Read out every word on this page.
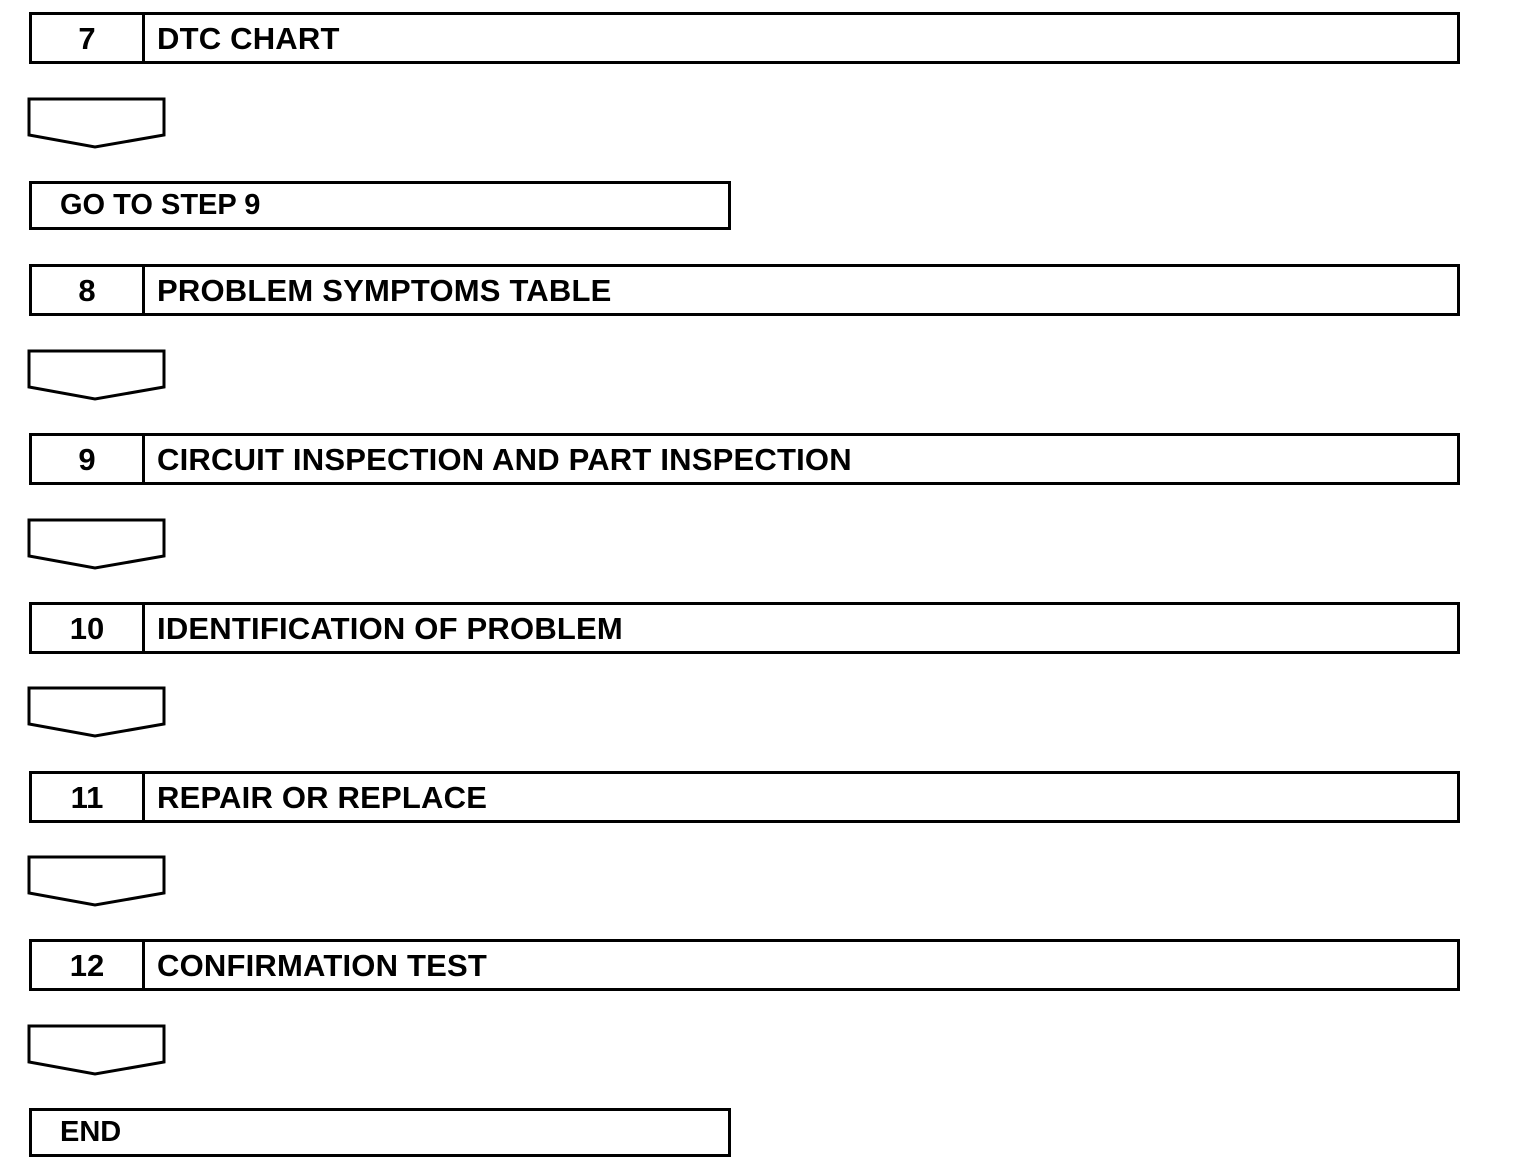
7	DTC CHART
GO TO STEP 9
8	PROBLEM SYMPTOMS TABLE
9	CIRCUIT INSPECTION AND PART INSPECTION
10	IDENTIFICATION OF PROBLEM
11	REPAIR OR REPLACE
12	CONFIRMATION TEST
END
